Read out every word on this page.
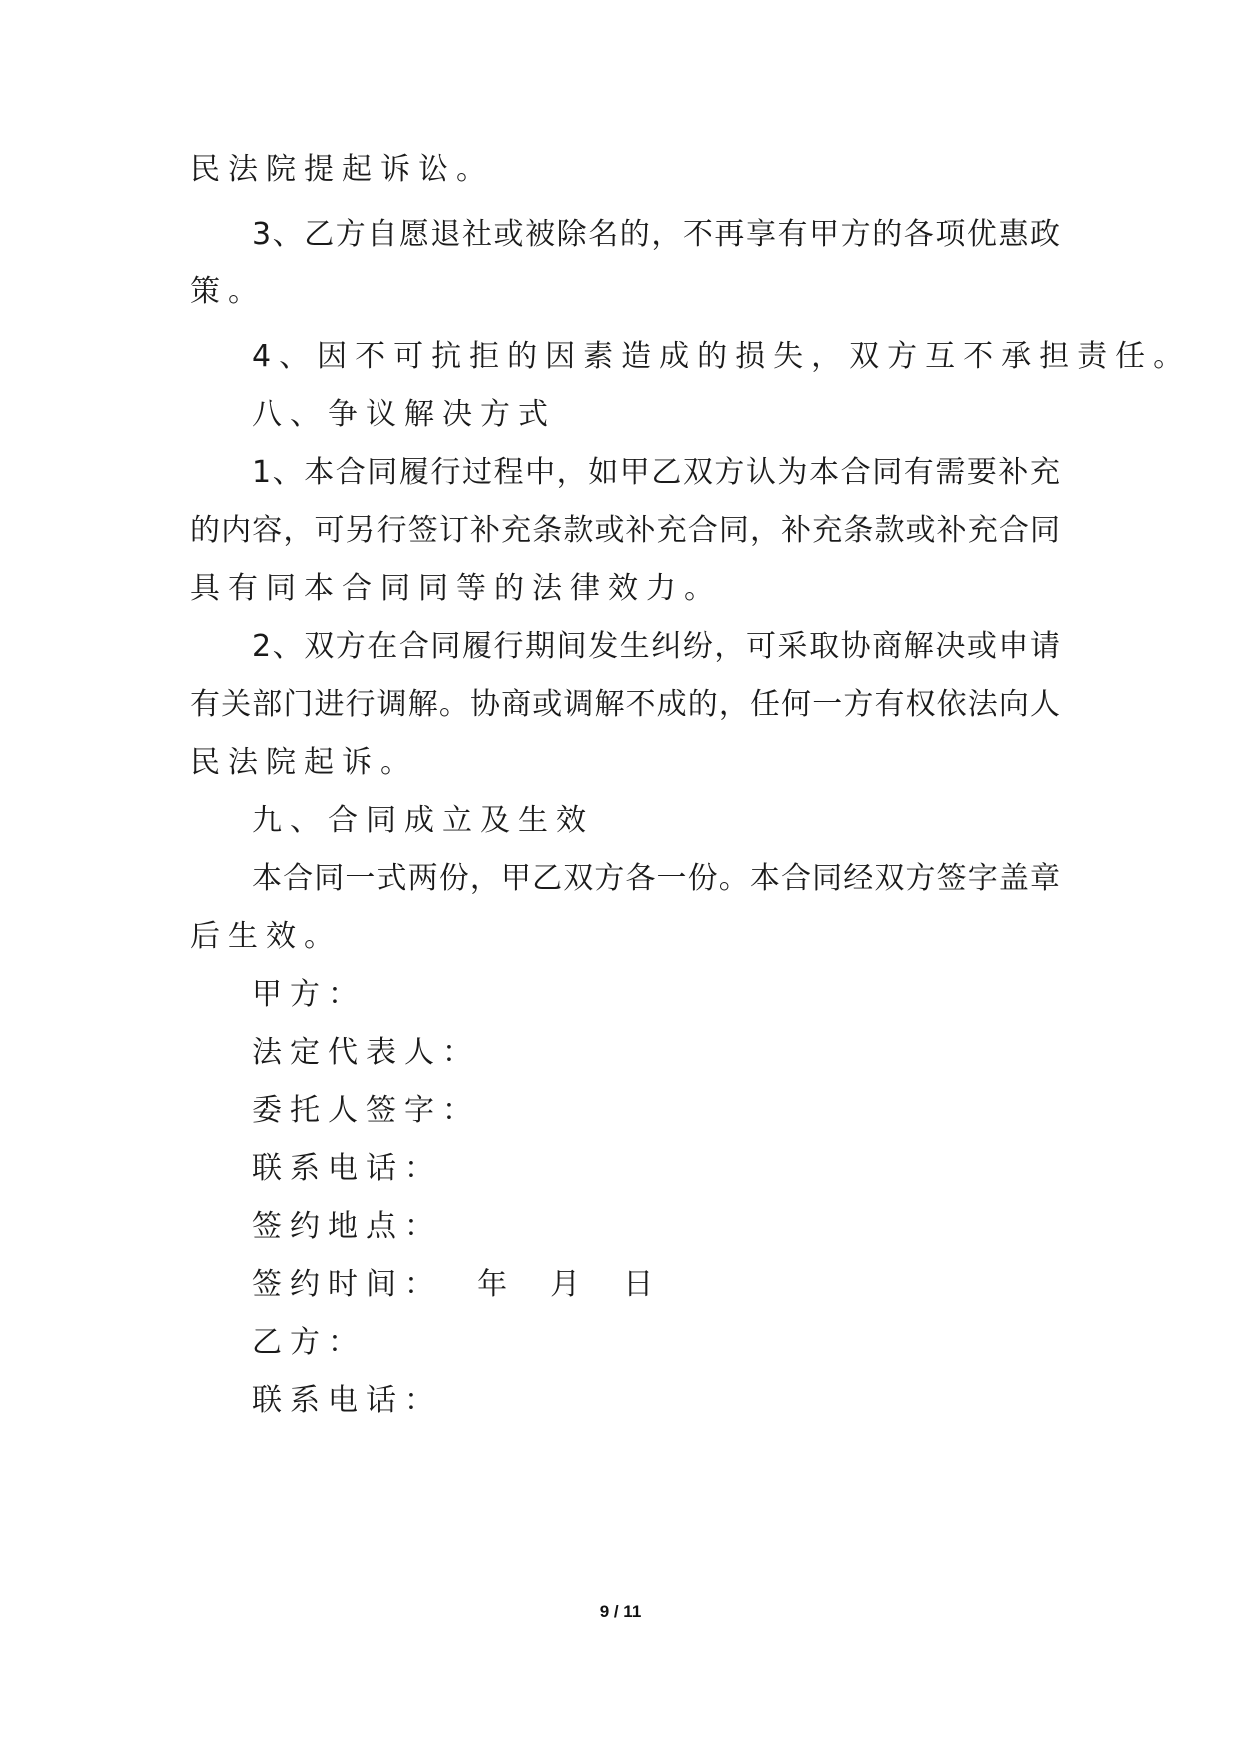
民法院提起诉讼。
3、乙方自愿退社或被除名的，不再享有甲方的各项优惠政
策。
4、因不可抗拒的因素造成的损失，双方互不承担责任。
八、争议解决方式
1、本合同履行过程中，如甲乙双方认为本合同有需要补充
的内容，可另行签订补充条款或补充合同，补充条款或补充合同
具有同本合同同等的法律效力。
2、双方在合同履行期间发生纠纷，可采取协商解决或申请
有关部门进行调解。协商或调解不成的，任何一方有权依法向人
民法院起诉。
九、合同成立及生效
本合同一式两份，甲乙双方各一份。本合同经双方签字盖章
后生效。
甲方：
法定代表人：
委托人签字：
联系电话：
签约地点：
签约时间：  年  月  日
乙方：
联系电话：
9 / 11
